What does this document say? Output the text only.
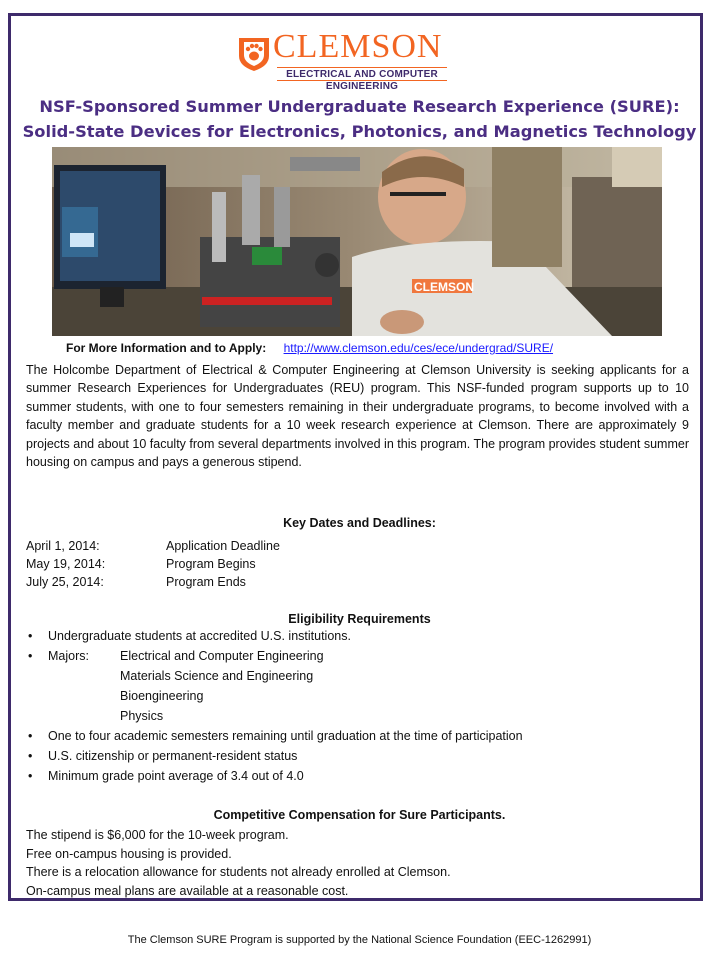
CLEMSON
ELECTRICAL AND COMPUTER
ENGINEERING
NSF-Sponsored Summer Undergraduate Research Experience (SURE):
Solid-State Devices for Electronics, Photonics, and Magnetics Technology
CLEMSON
For More Information and to Apply: http://www.clemson.edu/ces/ece/undergrad/SURE/

The Holcombe Department of Electrical & Computer Engineering at Clemson University is seeking applicants for a summer Research Experiences for Undergraduates (REU) program. This NSF-funded program supports up to 10 summer students, with one to four semesters remaining in their undergraduate programs, to become involved with a faculty member and graduate students for a 10 week research experience at Clemson. There are approximately 9 projects and about 10 faculty from several departments involved in this program. The program provides student summer housing on campus and pays a generous stipend.

Key Dates and Deadlines:
April 1, 2014:	Application Deadline
May 19, 2014:	Program Begins
July 25, 2014:	Program Ends
Eligibility Requirements
• Undergraduate students at accredited U.S. institutions.
• Majors:	Electrical and Computer Engineering
Materials Science and Engineering
Bioengineering
Physics
• One to four academic semesters remaining until graduation at the time of participation
• U.S. citizenship or permanent-resident status
• Minimum grade point average of 3.4 out of 4.0
Competitive Compensation for Sure Participants.
The stipend is $6,000 for the 10-week program.
Free on-campus housing is provided.
There is a relocation allowance for students not already enrolled at Clemson.
On-campus meal plans are available at a reasonable cost.
The Clemson SURE Program is supported by the National Science Foundation (EEC-1262991)
